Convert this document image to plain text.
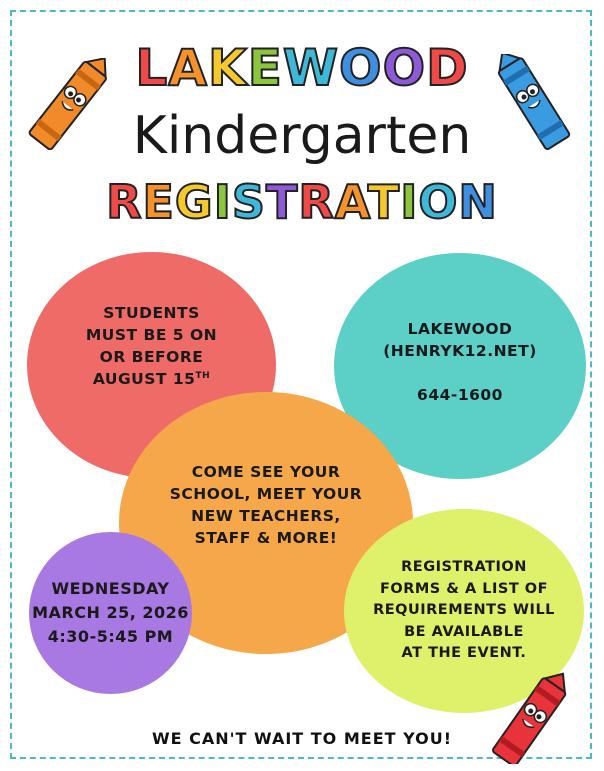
LAKEWOOD
Kindergarten
REGISTRATION
STUDENTS
MUST BE 5 ON
OR BEFORE
AUGUST 15TH
LAKEWOOD
(HENRYK12.NET)
644-1600
COME SEE YOUR
SCHOOL, MEET YOUR
NEW TEACHERS,
STAFF & MORE!
WEDNESDAY
MARCH 25, 2026
4:30-5:45 PM
REGISTRATION
FORMS & A LIST OF
REQUIREMENTS WILL
BE AVAILABLE
AT THE EVENT.
WE CAN'T WAIT TO MEET YOU!
